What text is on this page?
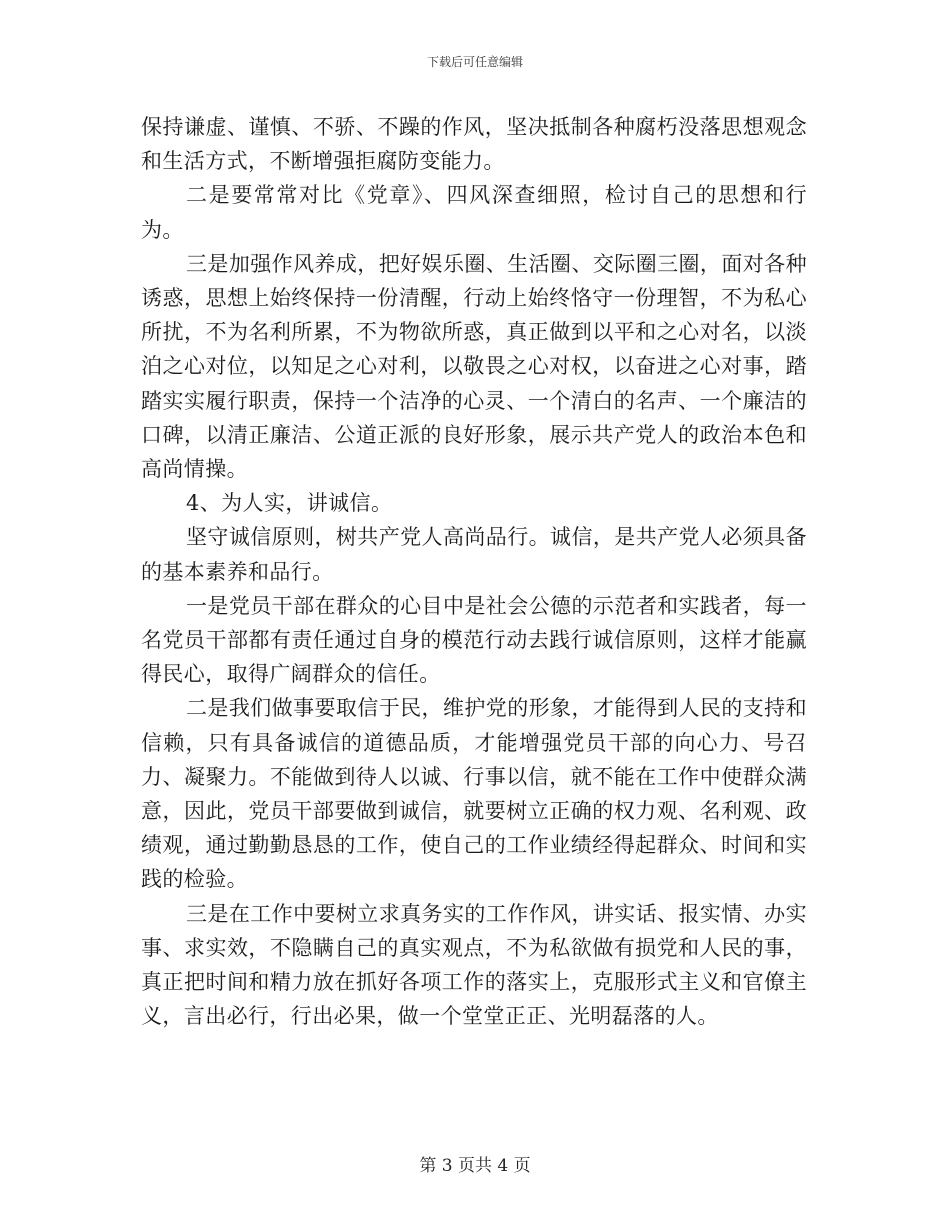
下载后可任意编辑

保持谦虚、谨慎、不骄、不躁的作风，坚决抵制各种腐朽没落思想观念和生活方式，不断增强拒腐防变能力。

二是要常常对比《党章》、四风深查细照，检讨自己的思想和行为。

三是加强作风养成，把好娱乐圈、生活圈、交际圈三圈，面对各种诱惑，思想上始终保持一份清醒，行动上始终恪守一份理智，不为私心所扰，不为名利所累，不为物欲所惑，真正做到以平和之心对名，以淡泊之心对位，以知足之心对利，以敬畏之心对权，以奋进之心对事，踏踏实实履行职责，保持一个洁净的心灵、一个清白的名声、一个廉洁的口碑，以清正廉洁、公道正派的良好形象，展示共产党人的政治本色和高尚情操。

4、为人实，讲诚信。

坚守诚信原则，树共产党人高尚品行。诚信，是共产党人必须具备的基本素养和品行。

一是党员干部在群众的心目中是社会公德的示范者和实践者，每一名党员干部都有责任通过自身的模范行动去践行诚信原则，这样才能赢得民心，取得广阔群众的信任。

二是我们做事要取信于民，维护党的形象，才能得到人民的支持和信赖，只有具备诚信的道德品质，才能增强党员干部的向心力、号召力、凝聚力。不能做到待人以诚、行事以信，就不能在工作中使群众满意，因此，党员干部要做到诚信，就要树立正确的权力观、名利观、政绩观，通过勤勤恳恳的工作，使自己的工作业绩经得起群众、时间和实践的检验。

三是在工作中要树立求真务实的工作作风，讲实话、报实情、办实事、求实效，不隐瞒自己的真实观点，不为私欲做有损党和人民的事，真正把时间和精力放在抓好各项工作的落实上，克服形式主义和官僚主义，言出必行，行出必果，做一个堂堂正正、光明磊落的人。

第 3 页共 4 页
